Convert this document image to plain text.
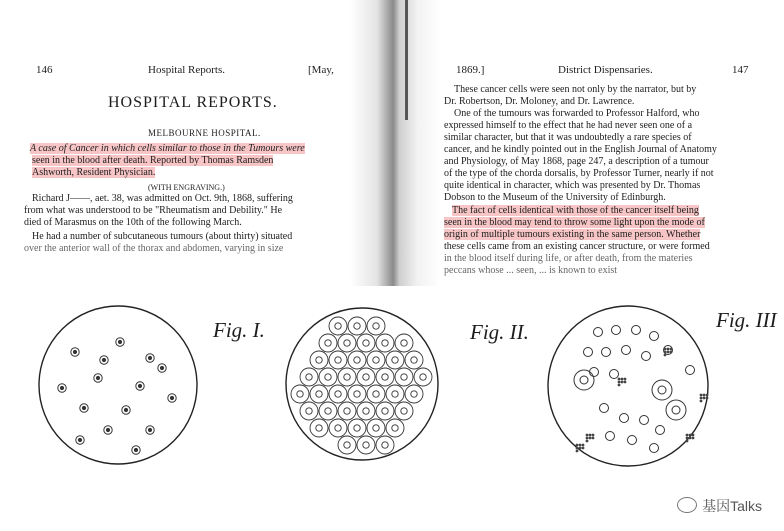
146	Hospital Reports.	[May,
HOSPITAL REPORTS.
MELBOURNE HOSPITAL.
A case of Cancer in which cells similar to those in the Tumours were
seen in the blood after death. Reported by Thomas Ramsden
Ashworth, Resident Physician.
(WITH ENGRAVING.)
Richard J——, aet. 38, was admitted on Oct. 9th, 1868, suffering
from what was understood to be "Rheumatism and Debility." He
died of Marasmus on the 10th of the following March.
He had a number of subcutaneous tumours (about thirty) situated
over the anterior wall of the thorax and abdomen, varying in size
1869.]	District Dispensaries.	147
These cancer cells were seen not only by the narrator, but by
Dr. Robertson, Dr. Moloney, and Dr. Lawrence.
One of the tumours was forwarded to Professor Halford, who
expressed himself to the effect that he had never seen one of a
similar character, but that it was undoubtedly a rare species of
cancer, and he kindly pointed out in the English Journal of Anatomy
and Physiology, of May 1868, page 247, a description of a tumour
of the type of the chorda dorsalis, by Professor Turner, nearly if not
quite identical in character, which was presented by Dr. Thomas
Dobson to the Museum of the University of Edinburgh.
The fact of cells identical with those of the cancer itself being
seen in the blood may tend to throw some light upon the mode of
origin of multiple tumours existing in the same person. Whether
these cells came from an existing cancer structure, or were formed
in the blood itself during life, or after death, from the materies
peccans whose ... seen, ... is known to exist
Fig. I.	Fig. II.	Fig. III
基因Talks
